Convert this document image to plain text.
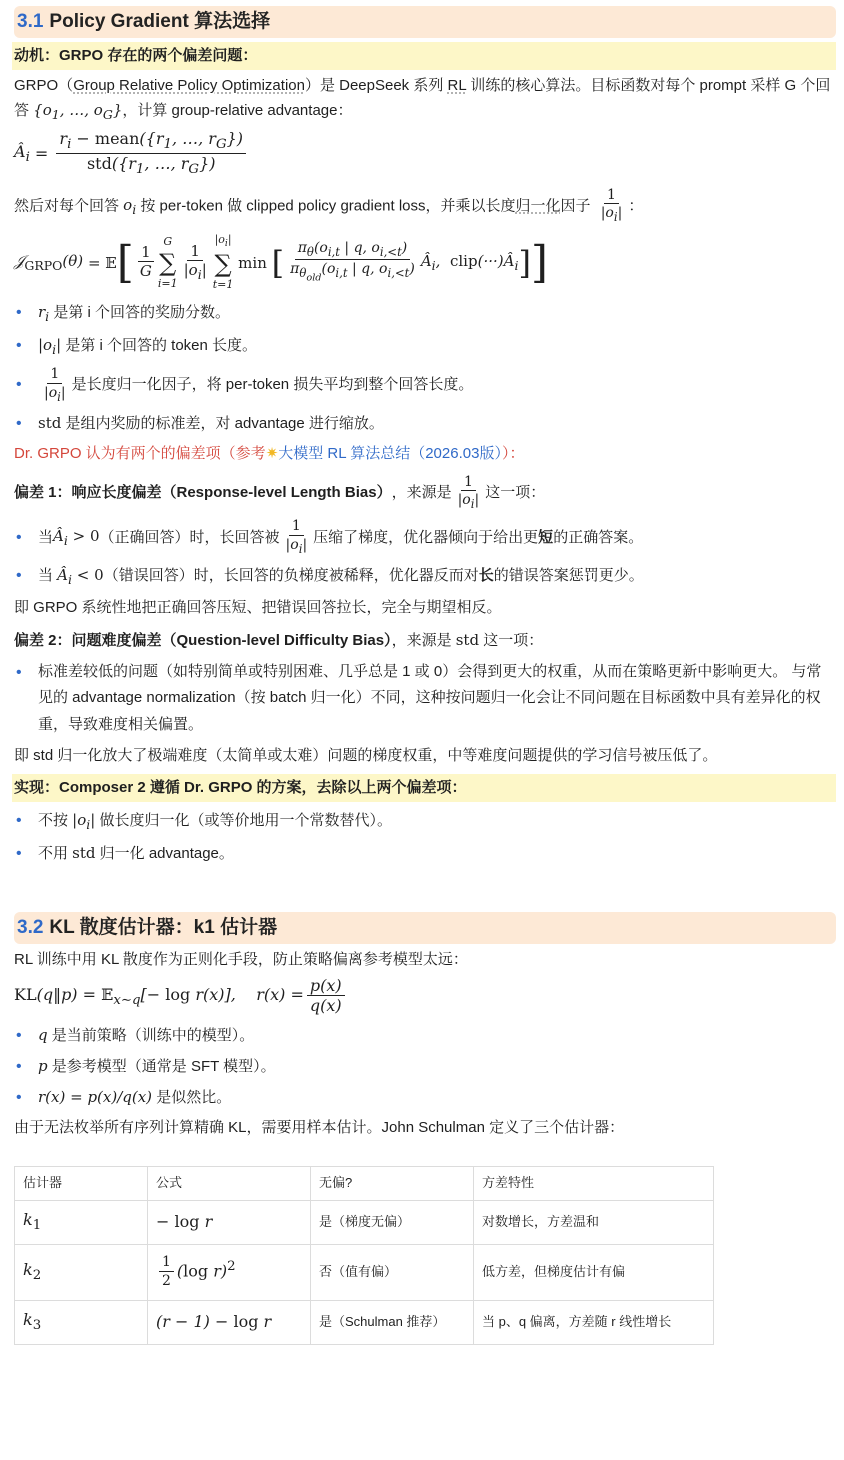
3.1 Policy Gradient 算法选择
动机：GRPO 存在的两个偏差问题：

GRPO（Group Relative Policy Optimization）是 DeepSeek 系列 RL 训练的核心算法。目标函数对每个 prompt 采样 G 个回答 {$o_1$, …, $o_G$}，计算 group-relative advantage：

$Â_i = \frac{r_i - mean(\{r_1, \dots, r_G\})}{std(\{r_1, \dots, r_G\})}$

然后对每个回答 $o_i$ 按 per-token 做 clipped policy gradient loss，并乘以长度归一化因子 $\frac{1}{|o_i|}$ ：

𝒥$_{GRPO}$(θ) = 𝔼 [ $\frac{1}{G}$
G
∑
$i=1 \frac{1}{|o_i|}$
$|o_i|$
∑
t=1
min [ $\frac{\pi_\theta(o_{i,t} | q, o_{i,<t})}{\pi_{\theta_{old}}(o_{i,t} | q, o_{i,<t})}$ $Â_i$,  $clip(\cdot\cdot\cdot)Â_i$ ] ]
• $r_i$ 是第 i 个回答的奖励分数。
• $|o_i|$ 是第 i 个回答的 token 长度。
• $\frac{1}{|o_i|}$ 是长度归一化因子，将 per-token 损失平均到整个回答长度。
• std 是组内奖励的标准差，对 advantage 进行缩放。

Dr. GRPO 认为有两个的偏差项（参考✷大模型 RL 算法总结（2026.03版））：

偏差 1：响应长度偏差（Response-level Length Bias） ，来源是 $\frac{1}{|o_i|}$ 这一项：

• 当 $Â_i > 0$ （正确回答）时，长回答被 $\frac{1}{|o_i|}$ 压缩了梯度，优化器倾向于给出更 短 的正确答案。
• 当 $Â_i < 0$（错误回答）时，长回答的负梯度被稀释，优化器反而对长的错误答案惩罚更少。

即 GRPO 系统性地把正确回答压短、把错误回答拉长，完全与期望相反。

偏差 2：问题难度偏差（Question-level Difficulty Bias），来源是 std 这一项：

• 标准差较低的问题（如特别简单或特别困难、几乎总是 1 或 0）会得到更大的权重，从而在策略更新中影响更大。 与常见的 advantage normalization（按 batch 归一化）不同，这种按问题归一化会让不同问题在目标函数中具有差异化的权重，导致难度相关偏置。

即 std 归一化放大了极端难度（太简单或太难）问题的梯度权重，中等难度问题提供的学习信号被压低了。

实现：Composer 2 遵循 Dr. GRPO 的方案，去除以上两个偏差项：
• 不按 $|o_i|$ 做长度归一化（或等价地用一个常数替代）。
• 不用 std 归一化 advantage。
3.2 KL 散度估计器：k1 估计器

RL 训练中用 KL 散度作为正则化手段，防止策略偏离参考模型太远：

KL(q‖p) = 𝔼$_{x\sim q}$[− log r(x)],    $r(x) = \frac{p(x)}{q(x)}$
• q 是当前策略（训练中的模型）。
• p 是参考模型（通常是 SFT 模型）。
• r(x) = p(x)/q(x) 是似然比。

由于无法枚举所有序列计算精确 KL，需要用样本估计。John Schulman 定义了三个估计器：

估计器	公式	无偏?	方差特性
$k_1$	− log r	是（梯度无偏）	对数增长，方差温和
$k_2$	$\frac{1}{2} (\log$ r)$^2$	否（值有偏）	低方差，但梯度估计有偏
$k_3$	(r − 1) − log r	是（Schulman 推荐）	当 p、q 偏离，方差随 r 线性增长
